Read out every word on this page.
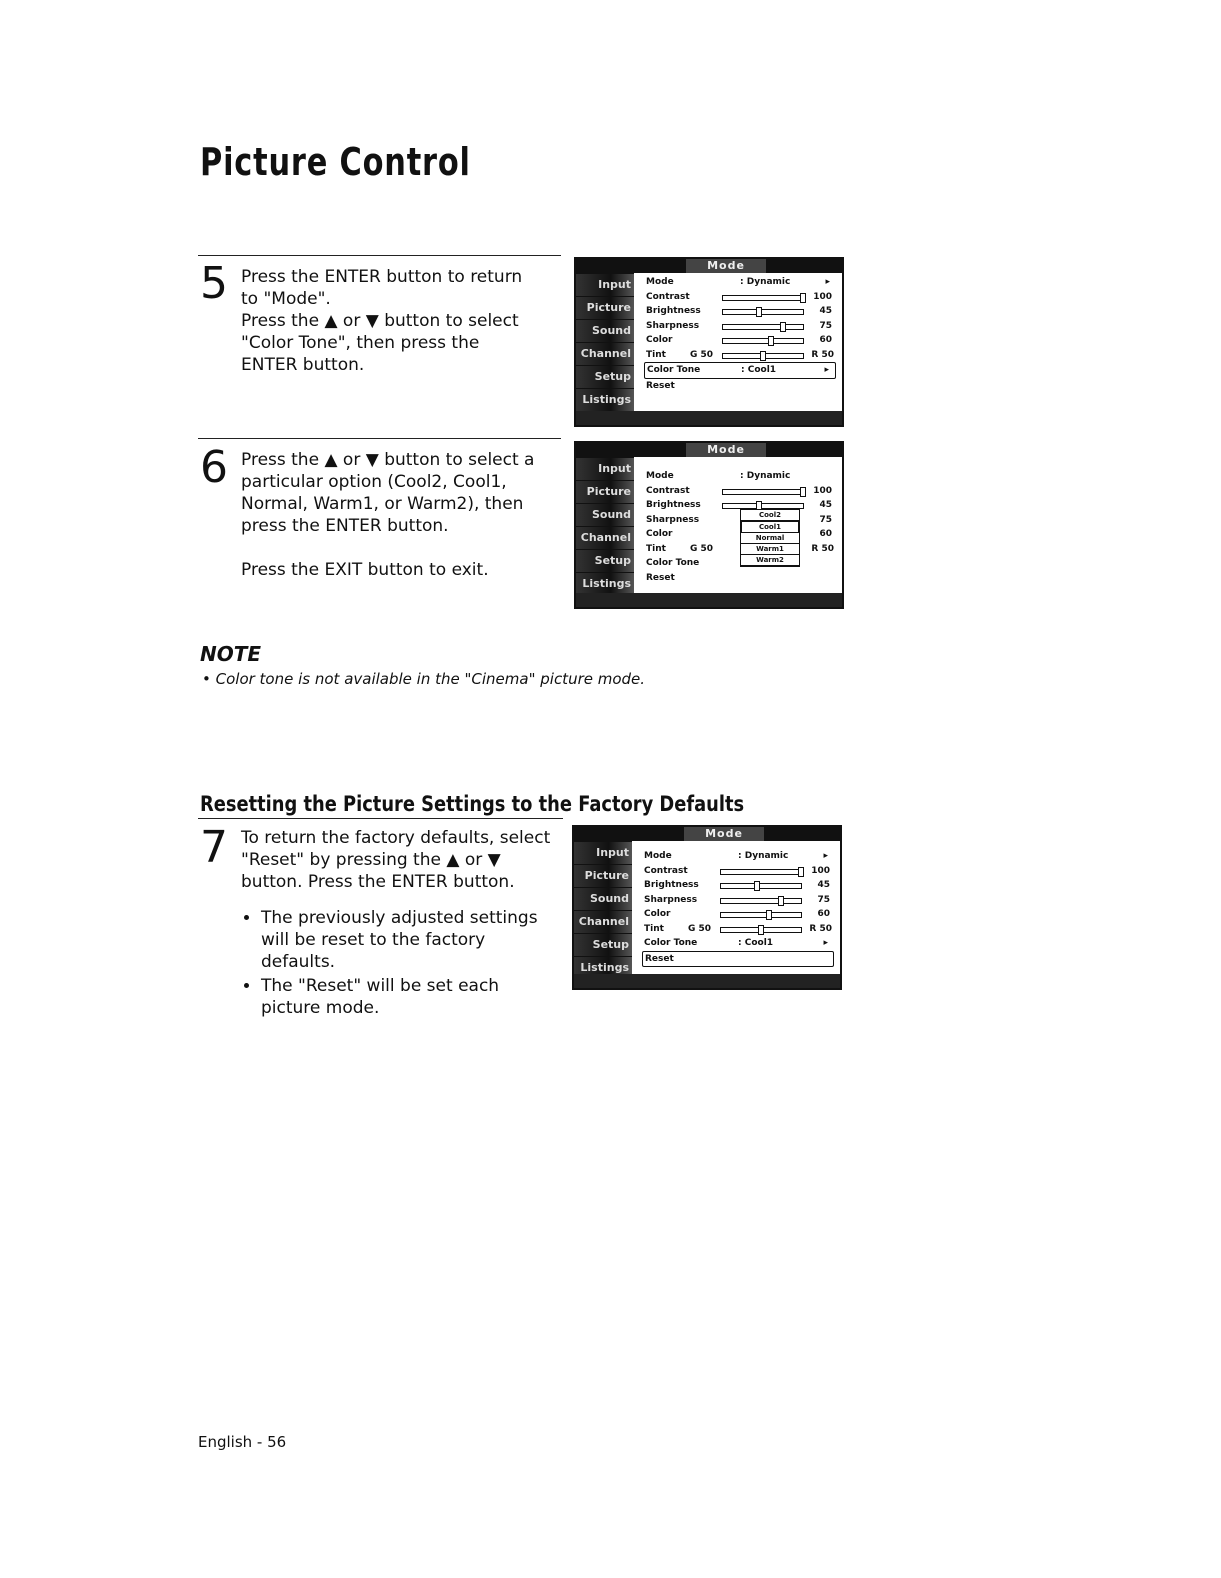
Picture Control
5 Press the ENTER button to return to "Mode".

Press the ▲ or ▼ button to select "Color Tone", then press the ENTER button.

Mode
Input
Picture
Sound
Channel
Setup
Listings
Mode	: Dynamic	▸
Contrast	100
Brightness	45
Sharpness	75
Color	60
Tint	G 50	R 50
Color Tone	: Cool1	▸
Reset
6 Press the ▲ or ▼ button to select a particular option (Cool2, Cool1, Normal, Warm1, or Warm2), then press the ENTER button.

Press the EXIT button to exit.

Mode
Input
Picture
Sound
Channel
Setup
Listings
Mode	: Dynamic
Contrast	100
Brightness	45
Sharpness	75
Color	60
Tint	G 50	R 50
Color Tone
Reset
Cool2
Cool1
Normal
Warm1
Warm2
NOTE
• Color tone is not available in the "Cinema" picture mode.
Resetting the Picture Settings to the Factory Defaults
7 To return the factory defaults, select "Reset" by pressing the ▲ or ▼ button. Press the ENTER button.

• The previously adjusted settings will be reset to the factory defaults.
• The "Reset" will be set each picture mode.
Mode
Input
Picture
Sound
Channel
Setup
Listings
Mode	: Dynamic	▸
Contrast	100
Brightness	45
Sharpness	75
Color	60
Tint	G 50	R 50
Color Tone	: Cool1	▸
Reset
English - 56
